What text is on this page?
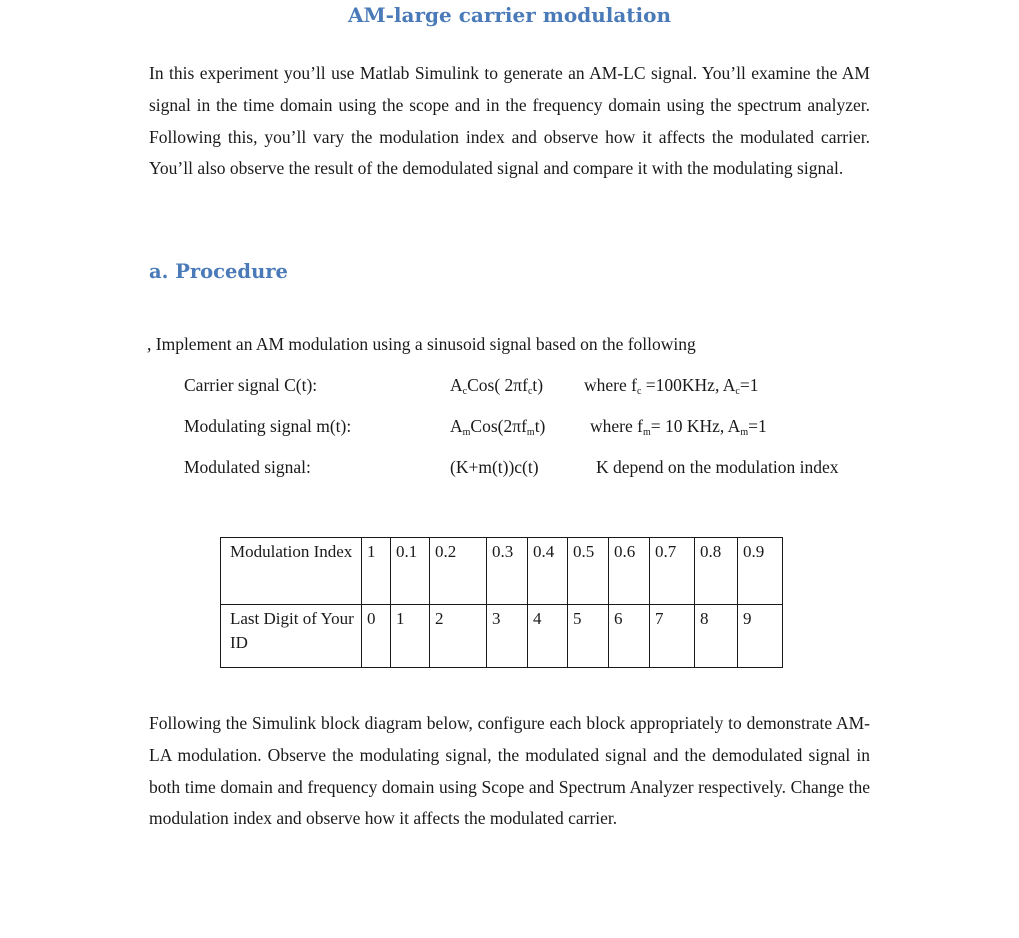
AM-large carrier modulation

In this experiment you’ll use Matlab Simulink to generate an AM-LC signal. You’ll examine the AM signal in the time domain using the scope and in the frequency domain using the spectrum analyzer. Following this, you’ll vary the modulation index and observe how it affects the modulated carrier. You’ll also observe the result of the demodulated signal and compare it with the modulating signal.

a. Procedure
, Implement an AM modulation using a sinusoid signal based on the following
Carrier signal C(t):	$A_cCos$( $2\pi f_ct$) where $f_c =100KHz$, $A_c=1$
Modulating signal m(t):	$A_mCos(2\pi f_mt)$	where $f_m= 10$ KHz, $A_m=1$
Modulated signal:	(K+m(t))c(t)	K depend on the modulation index
Modulation Index	1	0.1	0.2	0.3	0.4	0.5	0.6	0.7	0.8	0.9
Last Digit of Your ID	0	1	2	3	4	5	6	7	8	9

Following the Simulink block diagram below, configure each block appropriately to demonstrate AM-LA modulation. Observe the modulating signal, the modulated signal and the demodulated signal in both time domain and frequency domain using Scope and Spectrum Analyzer respectively. Change the modulation index and observe how it affects the modulated carrier.
